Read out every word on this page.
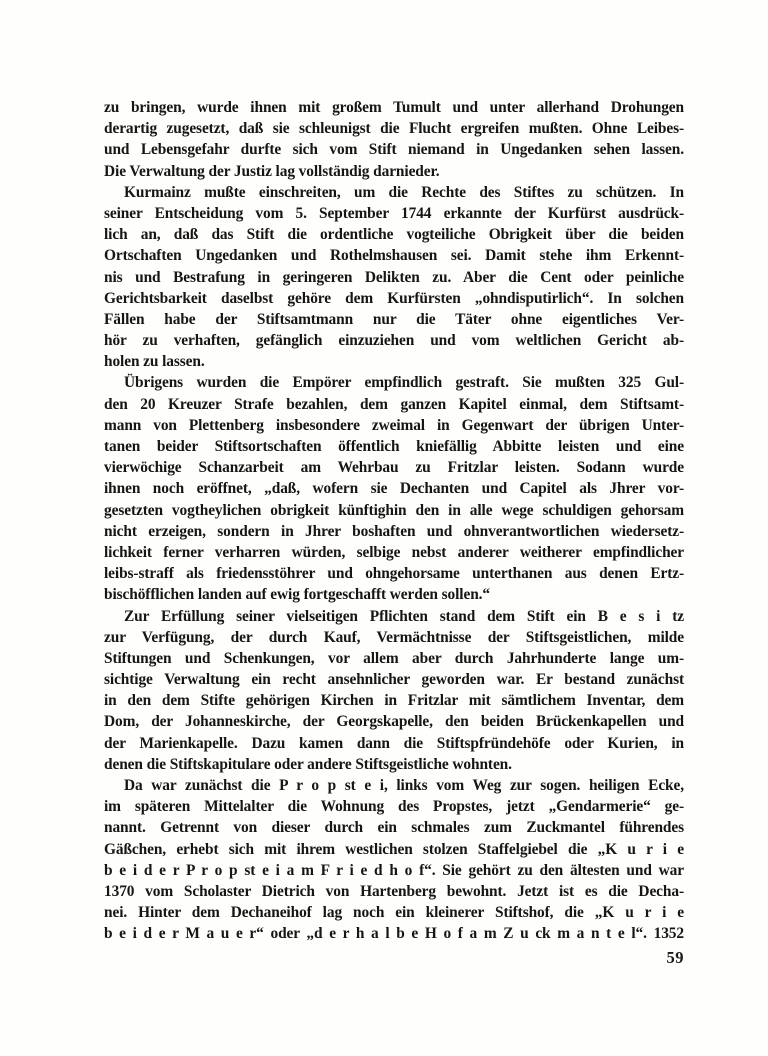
zu bringen, wurde ihnen mit großem Tumult und unter allerhand Drohungen
derartig zugesetzt, daß sie schleunigst die Flucht ergreifen mußten. Ohne Leibes-
und Lebensgefahr durfte sich vom Stift niemand in Ungedanken sehen lassen.
Die Verwaltung der Justiz lag vollständig darnieder.
Kurmainz mußte einschreiten, um die Rechte des Stiftes zu schützen. In
seiner Entscheidung vom 5. September 1744 erkannte der Kurfürst ausdrück-
lich an, daß das Stift die ordentliche vogteiliche Obrigkeit über die beiden
Ortschaften Ungedanken und Rothelmshausen sei. Damit stehe ihm Erkennt-
nis und Bestrafung in geringeren Delikten zu. Aber die Cent oder peinliche
Gerichtsbarkeit daselbst gehöre dem Kurfürsten „ohndisputirlich“. In solchen
Fällen habe der Stiftsamtmann nur die Täter ohne eigentliches Ver-
hör zu verhaften, gefänglich einzuziehen und vom weltlichen Gericht ab-
holen zu lassen.
Übrigens wurden die Empörer empfindlich gestraft. Sie mußten 325 Gul-
den 20 Kreuzer Strafe bezahlen, dem ganzen Kapitel einmal, dem Stiftsamt-
mann von Plettenberg insbesondere zweimal in Gegenwart der übrigen Unter-
tanen beider Stiftsortschaften öffentlich kniefällig Abbitte leisten und eine
vierwöchige Schanzarbeit am Wehrbau zu Fritzlar leisten. Sodann wurde
ihnen noch eröffnet, „daß, wofern sie Dechanten und Capitel als Jhrer vor-
gesetzten vogtheylichen obrigkeit künftighin den in alle wege schuldigen gehorsam
nicht erzeigen, sondern in Jhrer boshaften und ohnverantwortlichen wiedersetz-
lichkeit ferner verharren würden, selbige nebst anderer weitherer empfindlicher
leibs-straff als friedensstöhrer und ohngehorsame unterthanen aus denen Ertz-
bischöfflichen landen auf ewig fortgeschafft werden sollen.“
Zur Erfüllung seiner vielseitigen Pflichten stand dem Stift ein B e s i tz
zur Verfügung, der durch Kauf, Vermächtnisse der Stiftsgeistlichen, milde
Stiftungen und Schenkungen, vor allem aber durch Jahrhunderte lange um-
sichtige Verwaltung ein recht ansehnlicher geworden war. Er bestand zunächst
in den dem Stifte gehörigen Kirchen in Fritzlar mit sämtlichem Inventar, dem
Dom, der Johanneskirche, der Georgskapelle, den beiden Brückenkapellen und
der Marienkapelle. Dazu kamen dann die Stiftspfründehöfe oder Kurien, in
denen die Stiftskapitulare oder andere Stiftsgeistliche wohnten.
Da war zunächst die P r o p st e i, links vom Weg zur sogen. heiligen Ecke,
im späteren Mittelalter die Wohnung des Propstes, jetzt „Gendarmerie“ ge-
nannt. Getrennt von dieser durch ein schmales zum Zuckmantel führendes
Gäßchen, erhebt sich mit ihrem westlichen stolzen Staffelgiebel die „K u r i e
b e i d e r P r o p st e i a m F r i e d h o f“. Sie gehört zu den ältesten und war
1370 vom Scholaster Dietrich von Hartenberg bewohnt. Jetzt ist es die Decha-
nei. Hinter dem Dechaneihof lag noch ein kleinerer Stiftshof, die „K u r i e
b e i d e r M a u e r“ oder „d e r h a l b e H o f a m Z u ck m a n t e l“. 1352
59
